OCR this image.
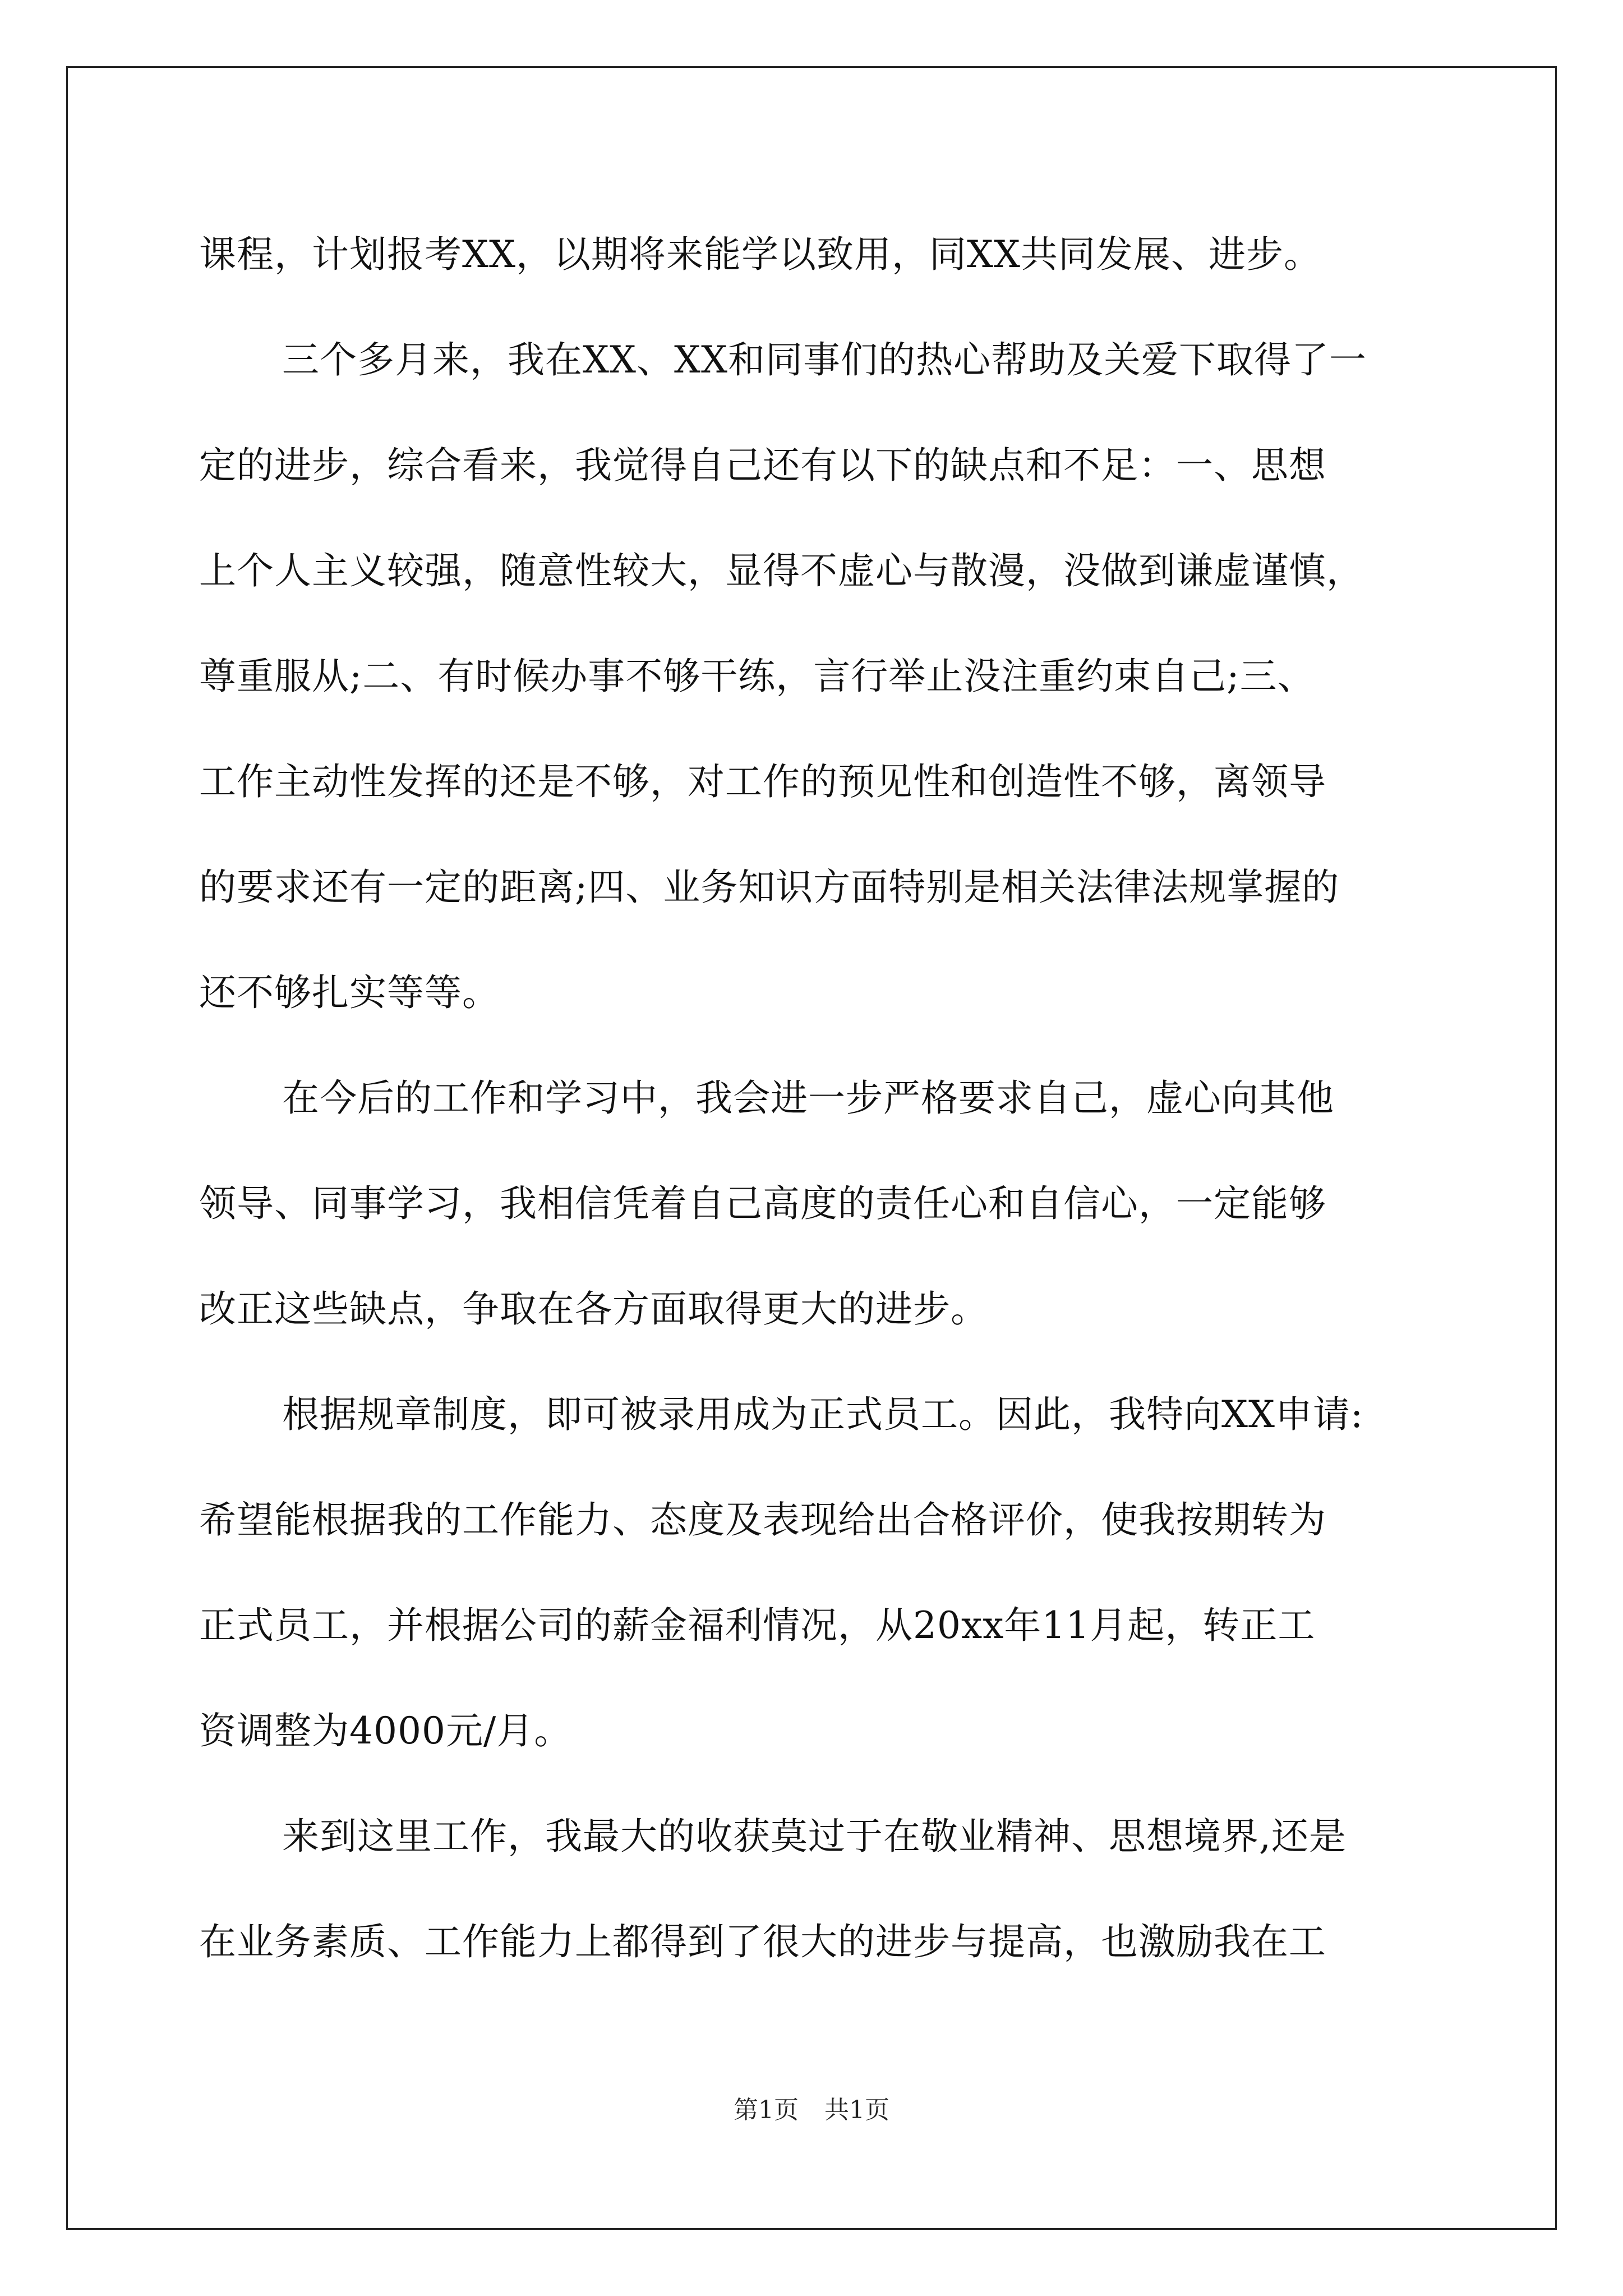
课程，计划报考XX，以期将来能学以致用，同XX共同发展、进步。
三个多月来，我在XX、XX和同事们的热心帮助及关爱下取得了一
定的进步，综合看来，我觉得自己还有以下的缺点和不足：一、思想
上个人主义较强，随意性较大，显得不虚心与散漫，没做到谦虚谨慎，
尊重服从;二、有时候办事不够干练，言行举止没注重约束自己;三、
工作主动性发挥的还是不够，对工作的预见性和创造性不够，离领导
的要求还有一定的距离;四、业务知识方面特别是相关法律法规掌握的
还不够扎实等等。
在今后的工作和学习中，我会进一步严格要求自己，虚心向其他
领导、同事学习，我相信凭着自己高度的责任心和自信心，一定能够
改正这些缺点，争取在各方面取得更大的进步。
根据规章制度，即可被录用成为正式员工。因此，我特向XX申请:
希望能根据我的工作能力、态度及表现给出合格评价，使我按期转为
正式员工，并根据公司的薪金福利情况，从20xx年11月起，转正工
资调整为4000元/月。
来到这里工作，我最大的收获莫过于在敬业精神、思想境界,还是
在业务素质、工作能力上都得到了很大的进步与提高，也激励我在工
第1页 共1页
